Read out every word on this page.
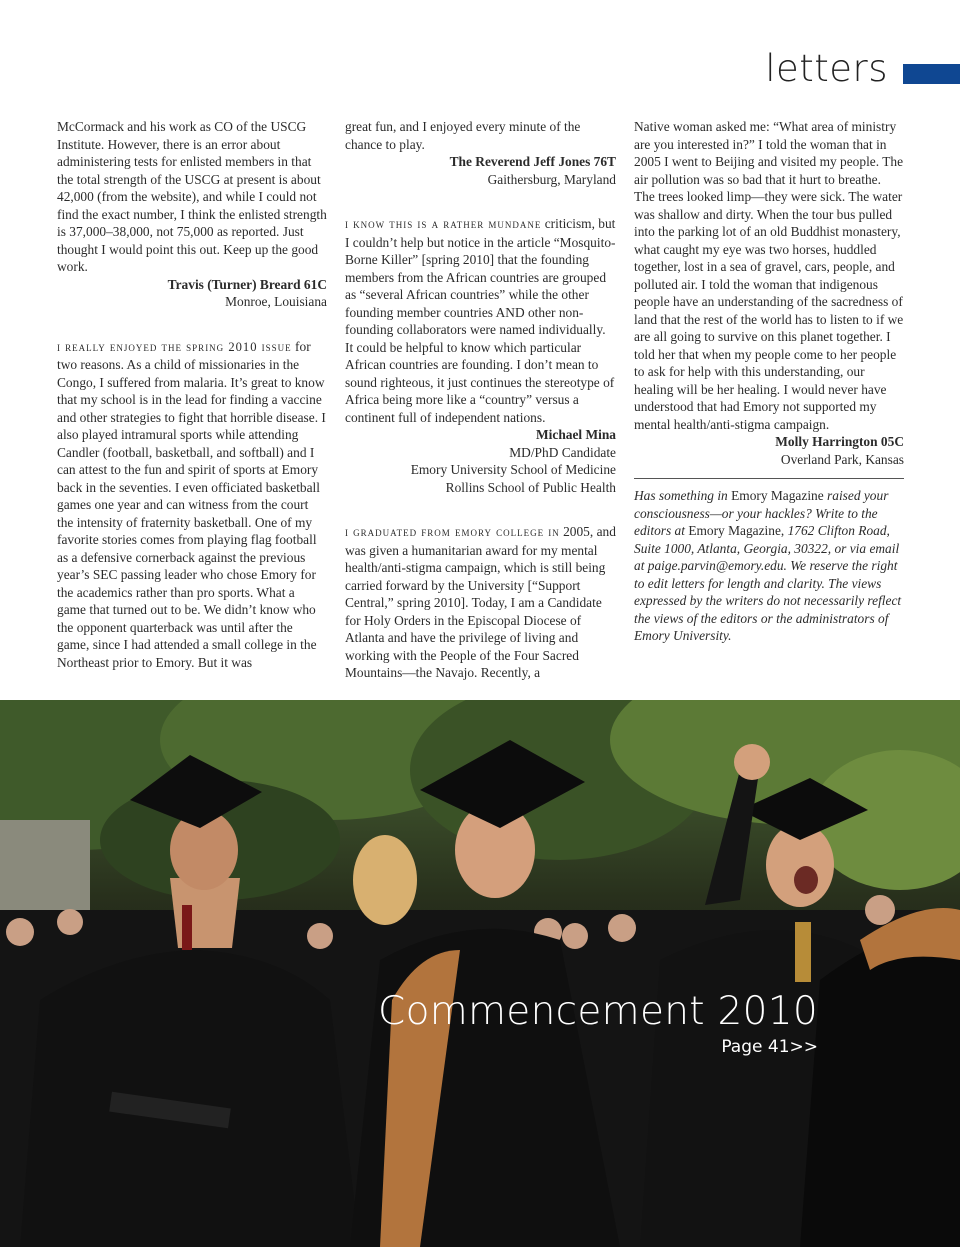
letters

McCormack and his work as CO of the USCG Institute. However, there is an error about administering tests for enlisted members in that the total strength of the USCG at present is about 42,000 (from the website), and while I could not find the exact number, I think the enlisted strength is 37,000–38,000, not 75,000 as reported. Just thought I would point this out. Keep up the good work.

Travis (Turner) Breard 61C
Monroe, Louisiana

i really enjoyed the spring 2010 issue for two reasons. As a child of missionaries in the Congo, I suffered from malaria. It’s great to know that my school is in the lead for finding a vaccine and other strategies to fight that horrible disease. I also played intramural sports while attending Candler (football, basketball, and softball) and I can attest to the fun and spirit of sports at Emory back in the seventies. I even officiated basketball games one year and can witness from the court the intensity of fraternity basketball. One of my favorite stories comes from playing flag football as a defensive cornerback against the previous year’s SEC passing leader who chose Emory for the academics rather than pro sports. What a game that turned out to be. We didn’t know who the opponent quarterback was until after the game, since I had attended a small college in the Northeast prior to Emory. But it was

great fun, and I enjoyed every minute of the chance to play.

The Reverend Jeff Jones 76T
Gaithersburg, Maryland

i know this is a rather mundane criticism, but I couldn’t help but notice in the article “Mosquito-Borne Killer” [spring 2010] that the founding members from the African countries are grouped as “several African countries” while the other founding member countries AND other non-founding collaborators were named individually. It could be helpful to know which particular African countries are founding. I don’t mean to sound righteous, it just continues the stereotype of Africa being more like a “country” versus a continent full of independent nations.

Michael Mina
MD/PhD Candidate
Emory University School of Medicine
Rollins School of Public Health

i graduated from emory college in 2005, and was given a humanitarian award for my mental health/anti-stigma campaign, which is still being carried forward by the University [“Support Central,” spring 2010]. Today, I am a Candidate for Holy Orders in the Episcopal Diocese of Atlanta and have the privilege of living and working with the People of the Four Sacred Mountains—the Navajo. Recently, a

Native woman asked me: “What area of ministry are you interested in?” I told the woman that in 2005 I went to Beijing and visited my people. The air pollution was so bad that it hurt to breathe. The trees looked limp—they were sick. The water was shallow and dirty. When the tour bus pulled into the parking lot of an old Buddhist monastery, what caught my eye was two horses, huddled together, lost in a sea of gravel, cars, people, and polluted air. I told the woman that indigenous people have an understanding of the sacredness of land that the rest of the world has to listen to if we are all going to survive on this planet together. I told her that when my people come to her people to ask for help with this understanding, our healing will be her healing. I would never have understood that had Emory not supported my mental health/anti-stigma campaign.

Molly Harrington 05C
Overland Park, Kansas

Has something in Emory Magazine raised your consciousness—or your hackles? Write to the editors at Emory Magazine, 1762 Clifton Road, Suite 1000, Atlanta, Georgia, 30322, or via email at paige.parvin@emory.edu. We reserve the right to edit letters for length and clarity. The views expressed by the writers do not necessarily reflect the views of the editors or the administrators of Emory University.

Commencement 2010
Page 41>>
